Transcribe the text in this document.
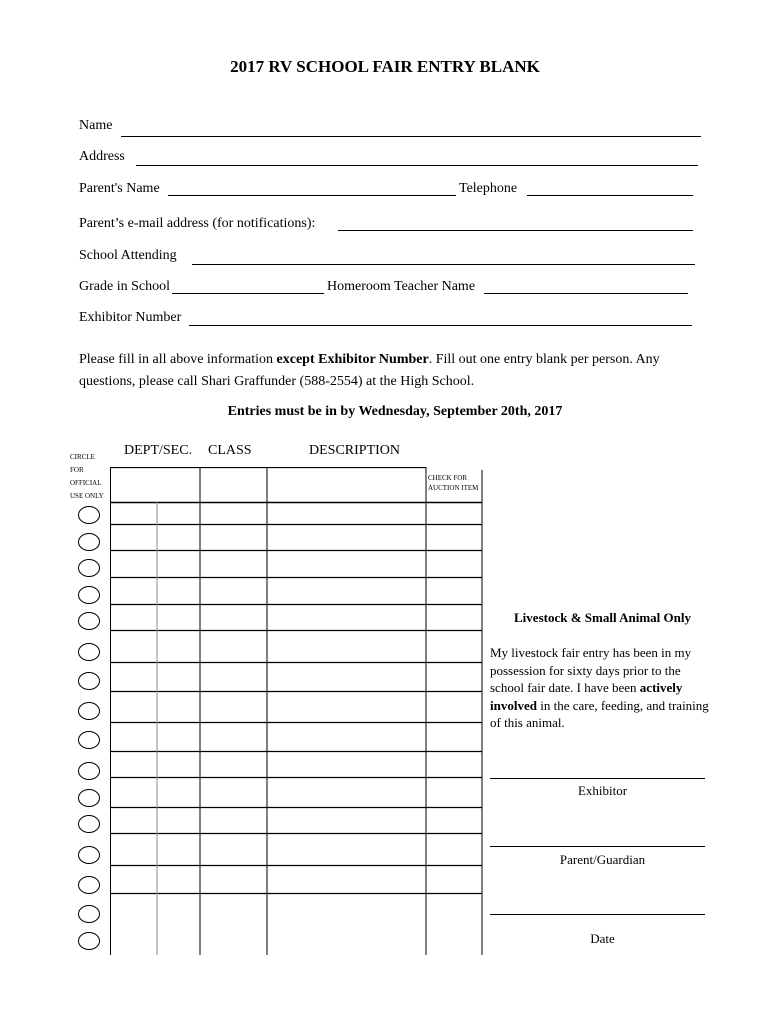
2017 RV SCHOOL FAIR ENTRY BLANK
Name
Address
Parent's Name	Telephone
Parent’s e-mail address (for notifications):
School Attending
Grade in School	Homeroom Teacher Name
Exhibitor Number
Please fill in all above information except Exhibitor Number. Fill out one entry blank per person. Any questions, please call Shari Graffunder (588-2554) at the High School.
Entries must be in by Wednesday, September 20th, 2017
CIRCLE
FOR
OFFICIAL
USE ONLY
DEPT/SEC. CLASS	DESCRIPTION
CHECK FOR
AUCTION ITEM
Livestock & Small Animal Only
My livestock fair entry has been in my possession for sixty days prior to the school fair date. I have been actively involved in the care, feeding, and training of this animal.
Exhibitor
Parent/Guardian
Date
